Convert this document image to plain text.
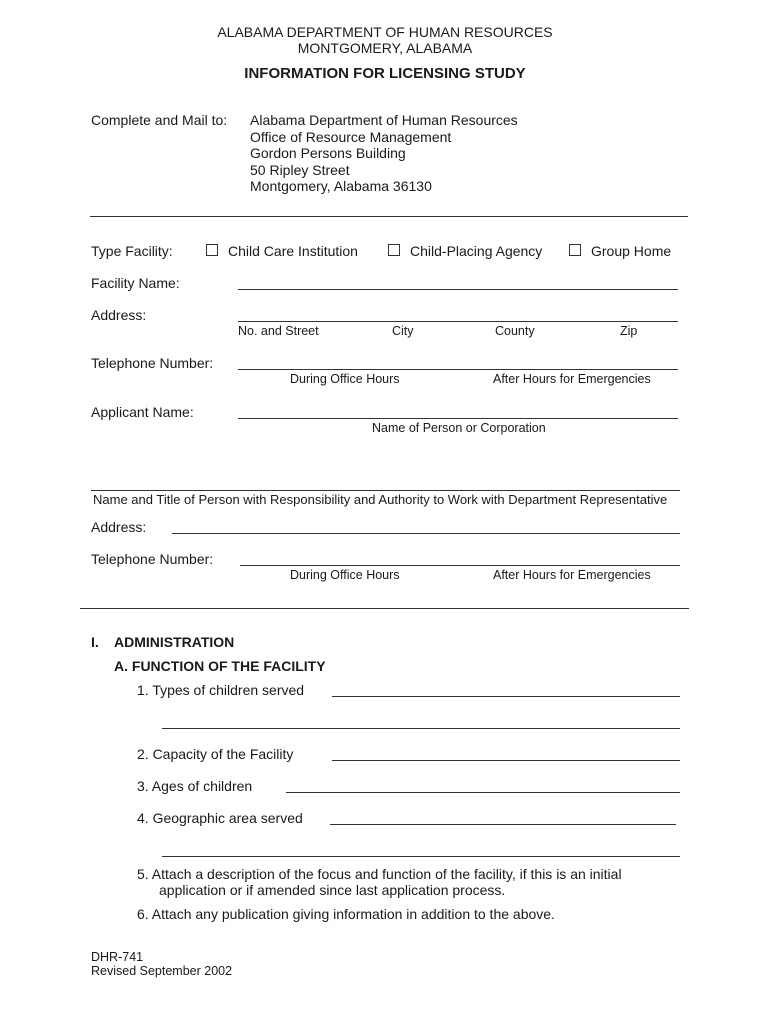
ALABAMA DEPARTMENT OF HUMAN RESOURCES
MONTGOMERY, ALABAMA
INFORMATION FOR LICENSING STUDY
Complete and Mail to: Alabama Department of Human Resources
Office of Resource Management
Gordon Persons Building
50 Ripley Street
Montgomery, Alabama 36130
Type Facility:	Child Care Institution	Child-Placing Agency	Group Home
Facility Name:
Address:
No. and Street	City	County	Zip
Telephone Number:
During Office Hours	After Hours for Emergencies
Applicant Name:
Name of Person or Corporation
Name and Title of Person with Responsibility and Authority to Work with Department Representative
Address:
Telephone Number:
During Office Hours	After Hours for Emergencies
I. ADMINISTRATION
A. FUNCTION OF THE FACILITY
1. Types of children served
2. Capacity of the Facility
3. Ages of children
4. Geographic area served
5. Attach a description of the focus and function of the facility, if this is an initial
application or if amended since last application process.
6. Attach any publication giving information in addition to the above.
DHR-741
Revised September 2002
